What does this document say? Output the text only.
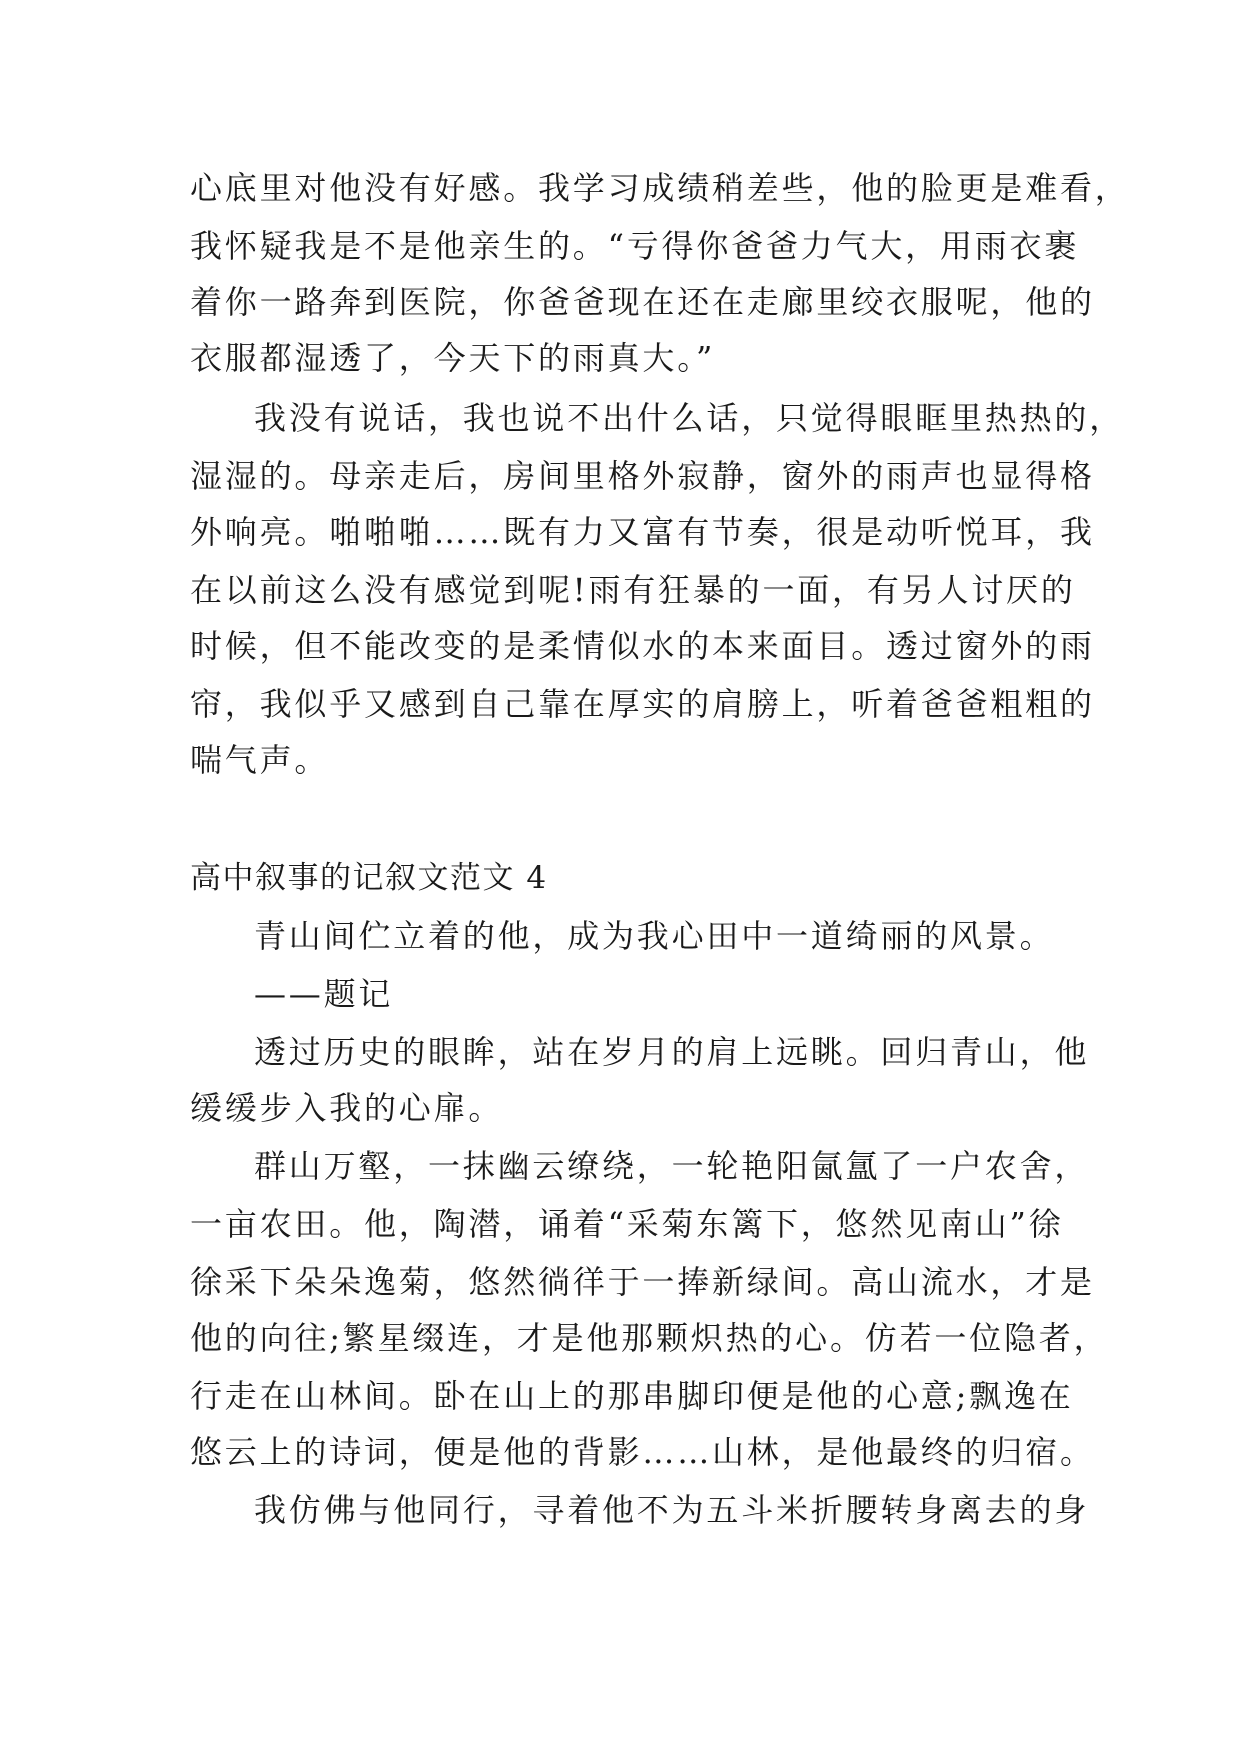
心底里对他没有好感。我学习成绩稍差些，他的脸更是难看，
我怀疑我是不是他亲生的。“亏得你爸爸力气大，用雨衣裹
着你一路奔到医院，你爸爸现在还在走廊里绞衣服呢，他的
衣服都湿透了，今天下的雨真大。”
我没有说话，我也说不出什么话，只觉得眼眶里热热的，
湿湿的。母亲走后，房间里格外寂静，窗外的雨声也显得格
外响亮。啪啪啪……既有力又富有节奏，很是动听悦耳，我
在以前这么没有感觉到呢!雨有狂暴的一面，有另人讨厌的
时候，但不能改变的是柔情似水的本来面目。透过窗外的雨
帘，我似乎又感到自己靠在厚实的肩膀上，听着爸爸粗粗的
喘气声。
高中叙事的记叙文范文 4
青山间伫立着的他，成为我心田中一道绮丽的风景。
——题记
透过历史的眼眸，站在岁月的肩上远眺。回归青山，他
缓缓步入我的心扉。
群山万壑，一抹幽云缭绕，一轮艳阳氤氲了一户农舍，
一亩农田。他，陶潜，诵着“采菊东篱下，悠然见南山”徐
徐采下朵朵逸菊，悠然徜徉于一捧新绿间。高山流水，才是
他的向往;繁星缀连，才是他那颗炽热的心。仿若一位隐者，
行走在山林间。卧在山上的那串脚印便是他的心意;飘逸在
悠云上的诗词，便是他的背影……山林，是他最终的归宿。
我仿佛与他同行，寻着他不为五斗米折腰转身离去的身
